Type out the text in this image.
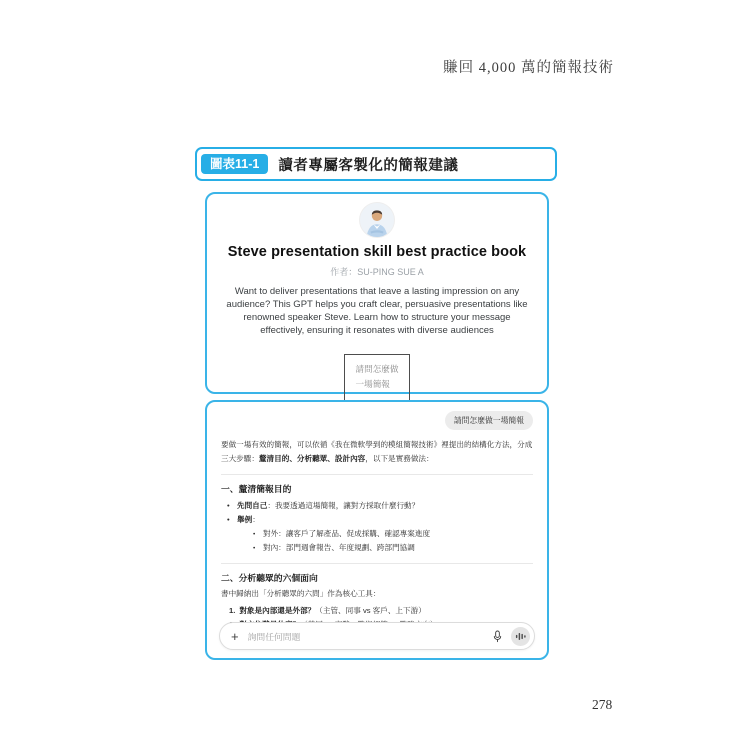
賺回 4,000 萬的簡報技術
圖表11-1	讀者專屬客製化的簡報建議
Steve presentation skill best practice book
作者：SU-PING SUE A
Want to deliver presentations that leave a lasting impression on any audience? This GPT helps you craft clear, persuasive presentations like renowned speaker Steve. Learn how to structure your message effectively, ensuring it resonates with diverse audiences
請問怎麼做
一場簡報
請問怎麼做一場簡報

要做一場有效的簡報，可以依循《我在微軟學到的模組簡報技術》裡提出的結構化方法，分成三大步驟：釐清目的、分析聽眾、設計內容，以下是實務做法：

一、釐清簡報目的
• 先問自己：我要透過這場簡報，讓對方採取什麼行動？
• 舉例：
• 對外：讓客戶了解產品、促成採購、確認專案進度
• 對內：部門週會報告、年度規劃、跨部門協調
二、分析聽眾的六個面向

書中歸納出「分析聽眾的六問」作為核心工具：

1. 對象是內部還是外部？（主管、同事 vs 客戶、上下游）
+ 詢問任何問題
278
